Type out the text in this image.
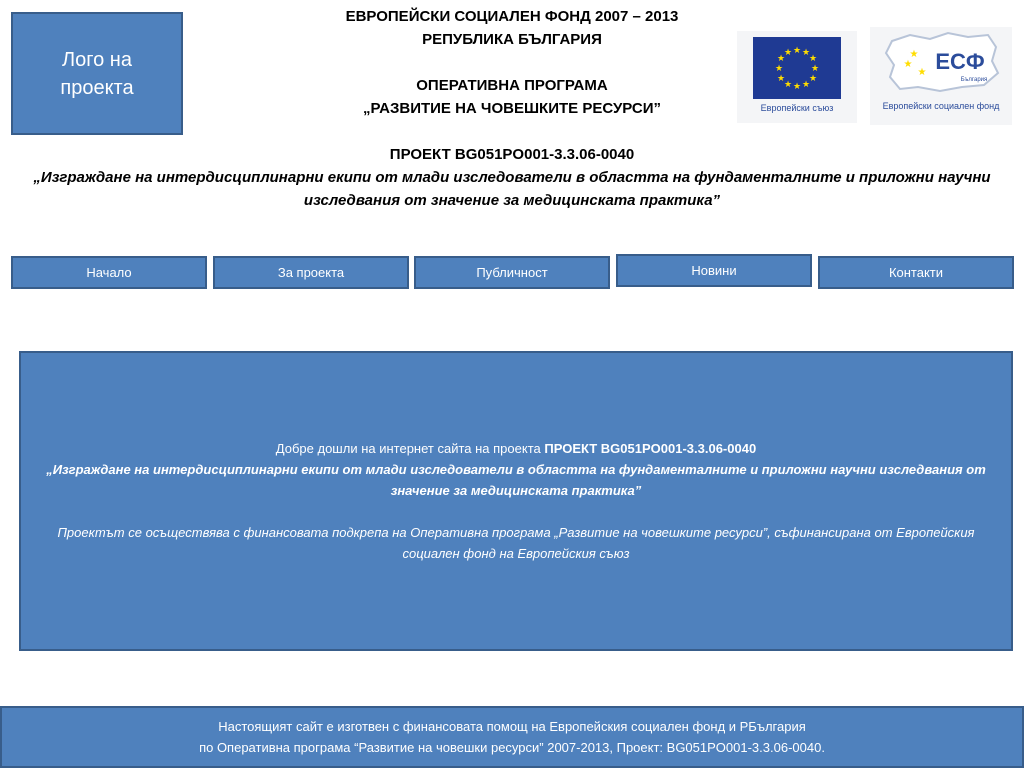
Лого на проекта
ЕВРОПЕЙСКИ СОЦИАЛЕН ФОНД 2007 – 2013
РЕПУБЛИКА БЪЛГАРИЯ
ОПЕРАТИВНА ПРОГРАМА
„РАЗВИТИЕ НА ЧОВЕШКИТЕ РЕСУРСИ”
ПРОЕКТ BG051PO001-3.3.06-0040
„Изграждане на интердисциплинарни екипи от млади изследователи в областта на фундаменталните и приложни научни изследвания от значение за медицинската практика”
★ ★
★
★
★
★
★
★
★
★
★
★
Европейски съюз
★
★
★ ЕСФ
България
Европейски социален фонд
Начало	За проекта	Публичност	Новини	Контакти
Добре дошли на интернет сайта на проекта ПРОЕКТ BG051PO001-3.3.06-0040
„Изграждане на интердисциплинарни екипи от млади изследователи в областта на фундаменталните и приложни научни изследвания от значение за медицинската практика”
Проектът се осъществява с финансовата подкрепа на Оперативна програма „Развитие на човешките ресурси”, съфинансирана от Европейския социален фонд на Европейския съюз
Настоящият сайт е изготвен с финансовата помощ на Европейския социален фонд и РБългария
по Оперативна програма “Развитие на човешки ресурси” 2007-2013, Проект: BG051PO001-3.3.06-0040.
